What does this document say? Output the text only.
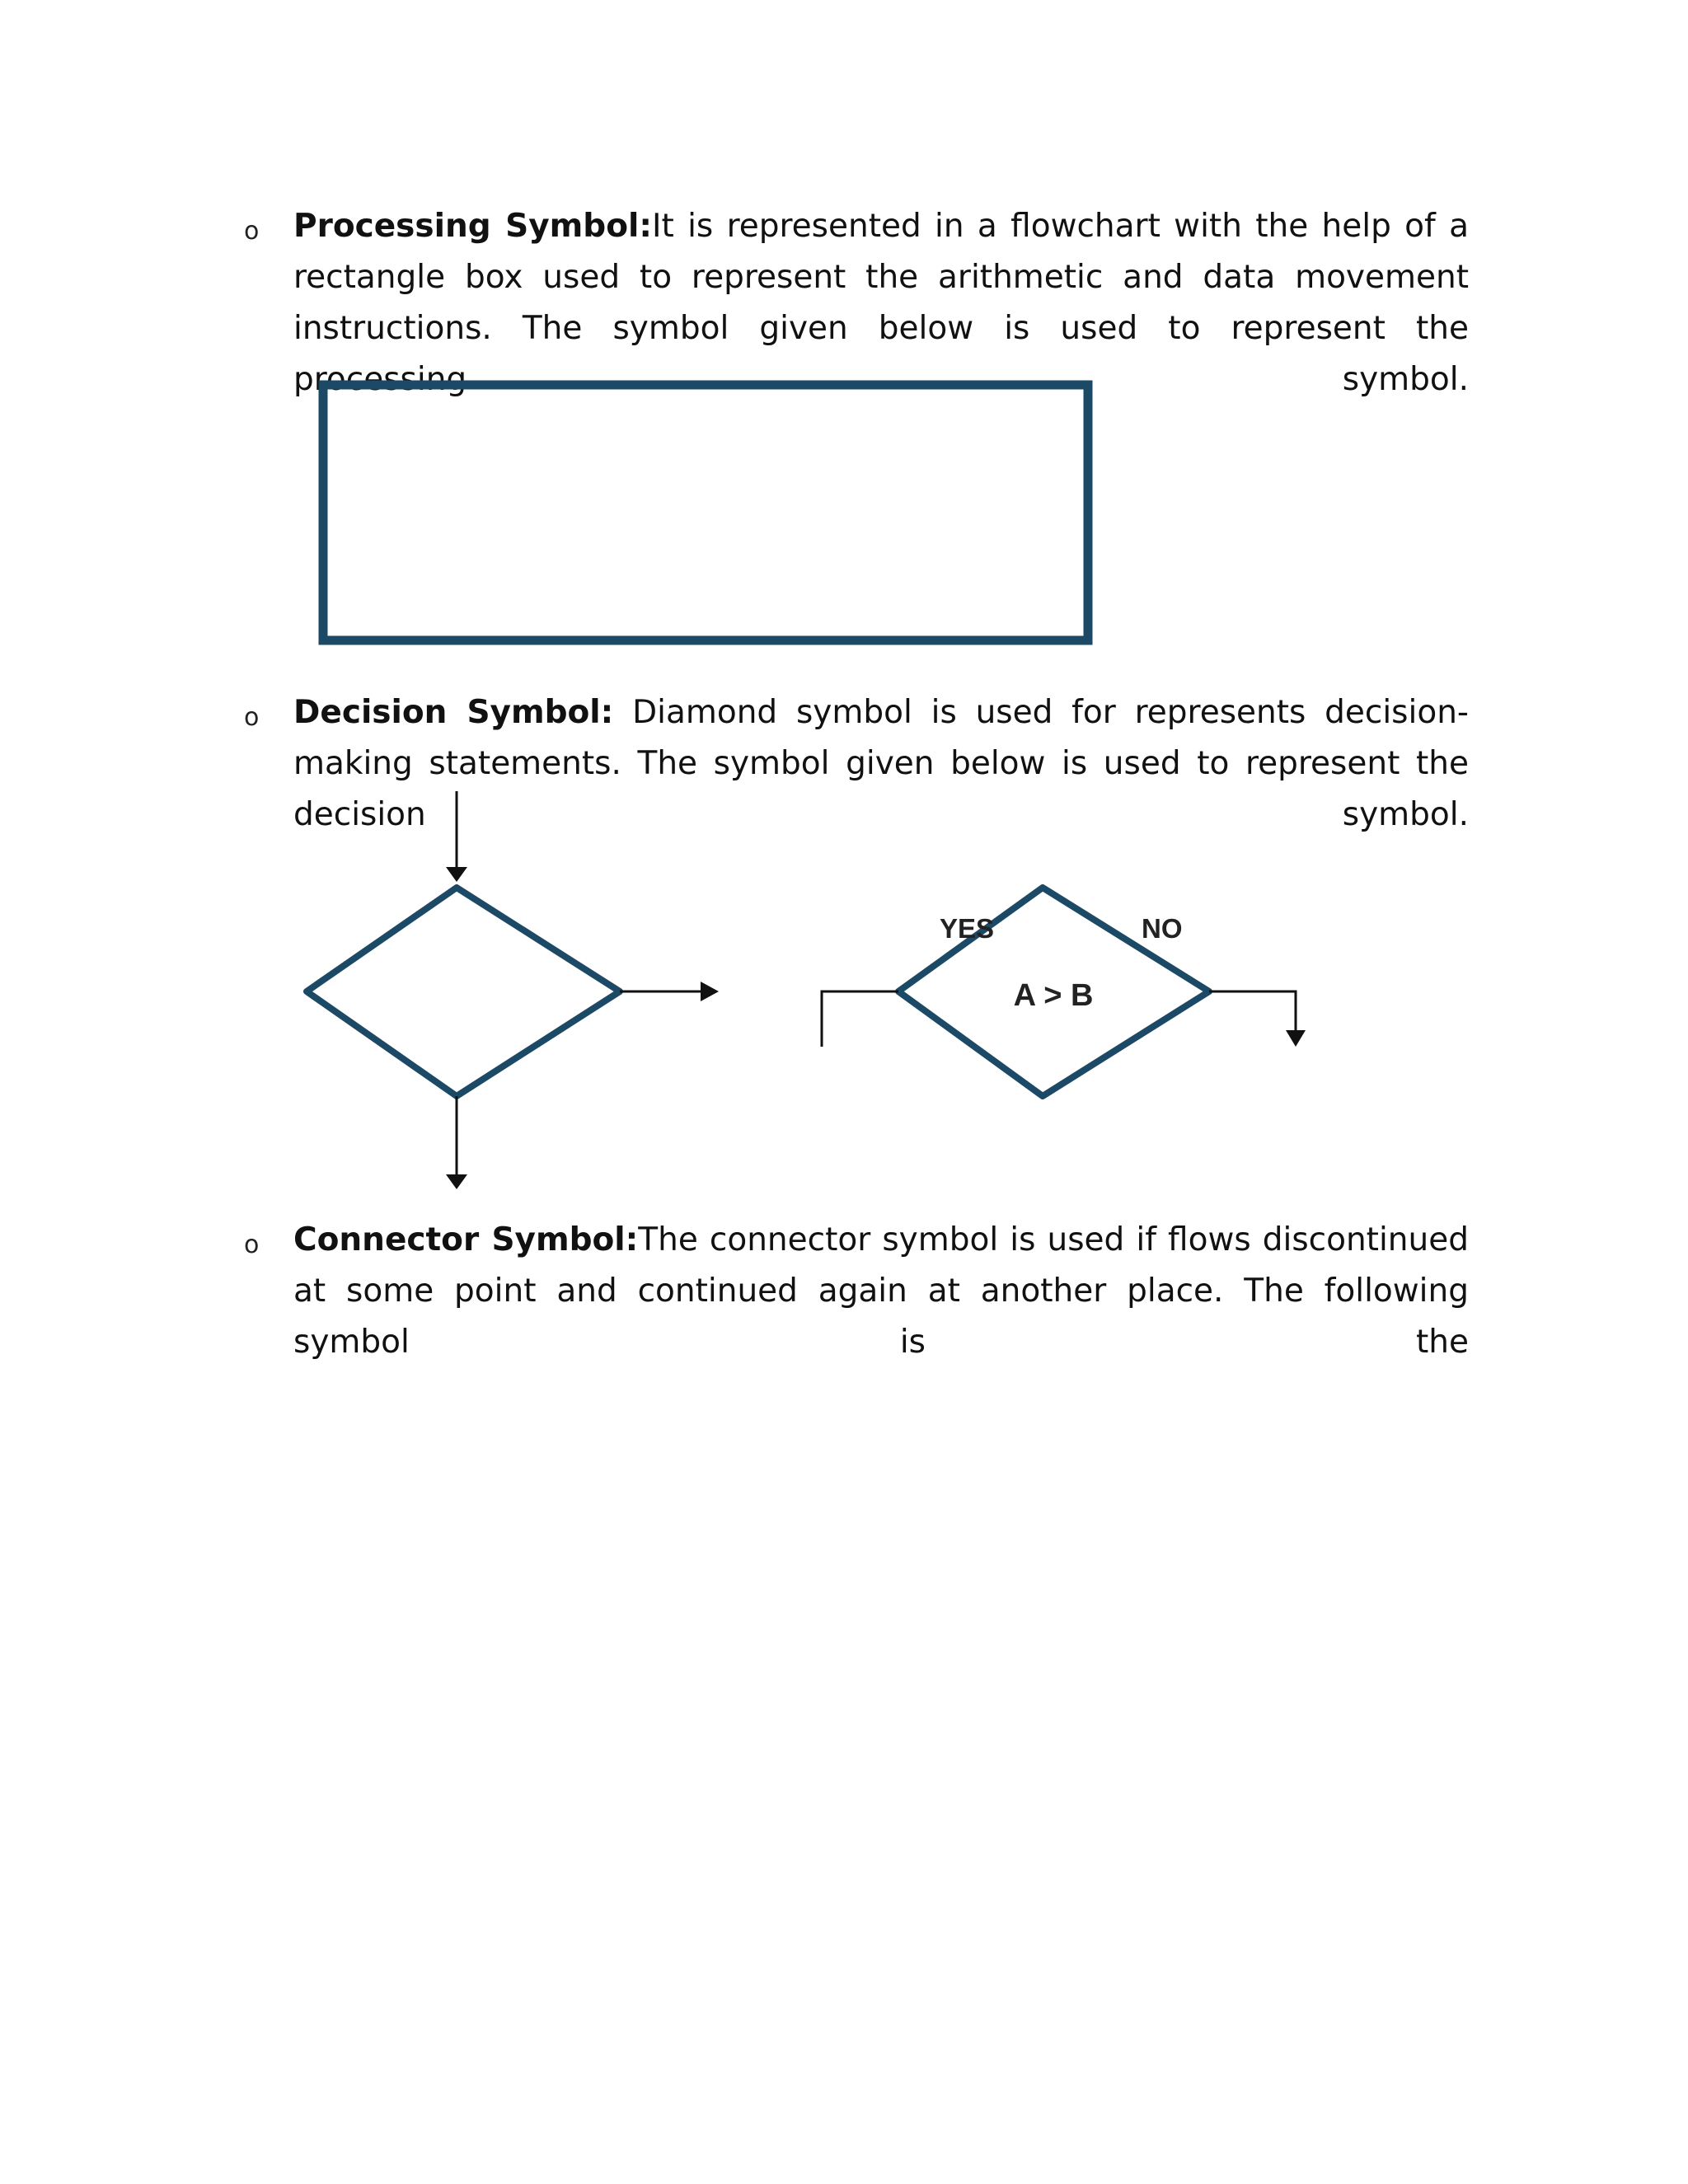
o Processing Symbol:It is represented in a flowchart with the help of a rectangle box used to represent the arithmetic and data movement instructions. The symbol given below is used to represent the processing symbol.

o Decision Symbol: Diamond symbol is used for represents decision-making statements. The symbol given below is used to represent the decision symbol.

YES	NO
A > B
o Connector Symbol:The connector symbol is used if flows discontinued at some point and continued again at another place. The following symbol is the
